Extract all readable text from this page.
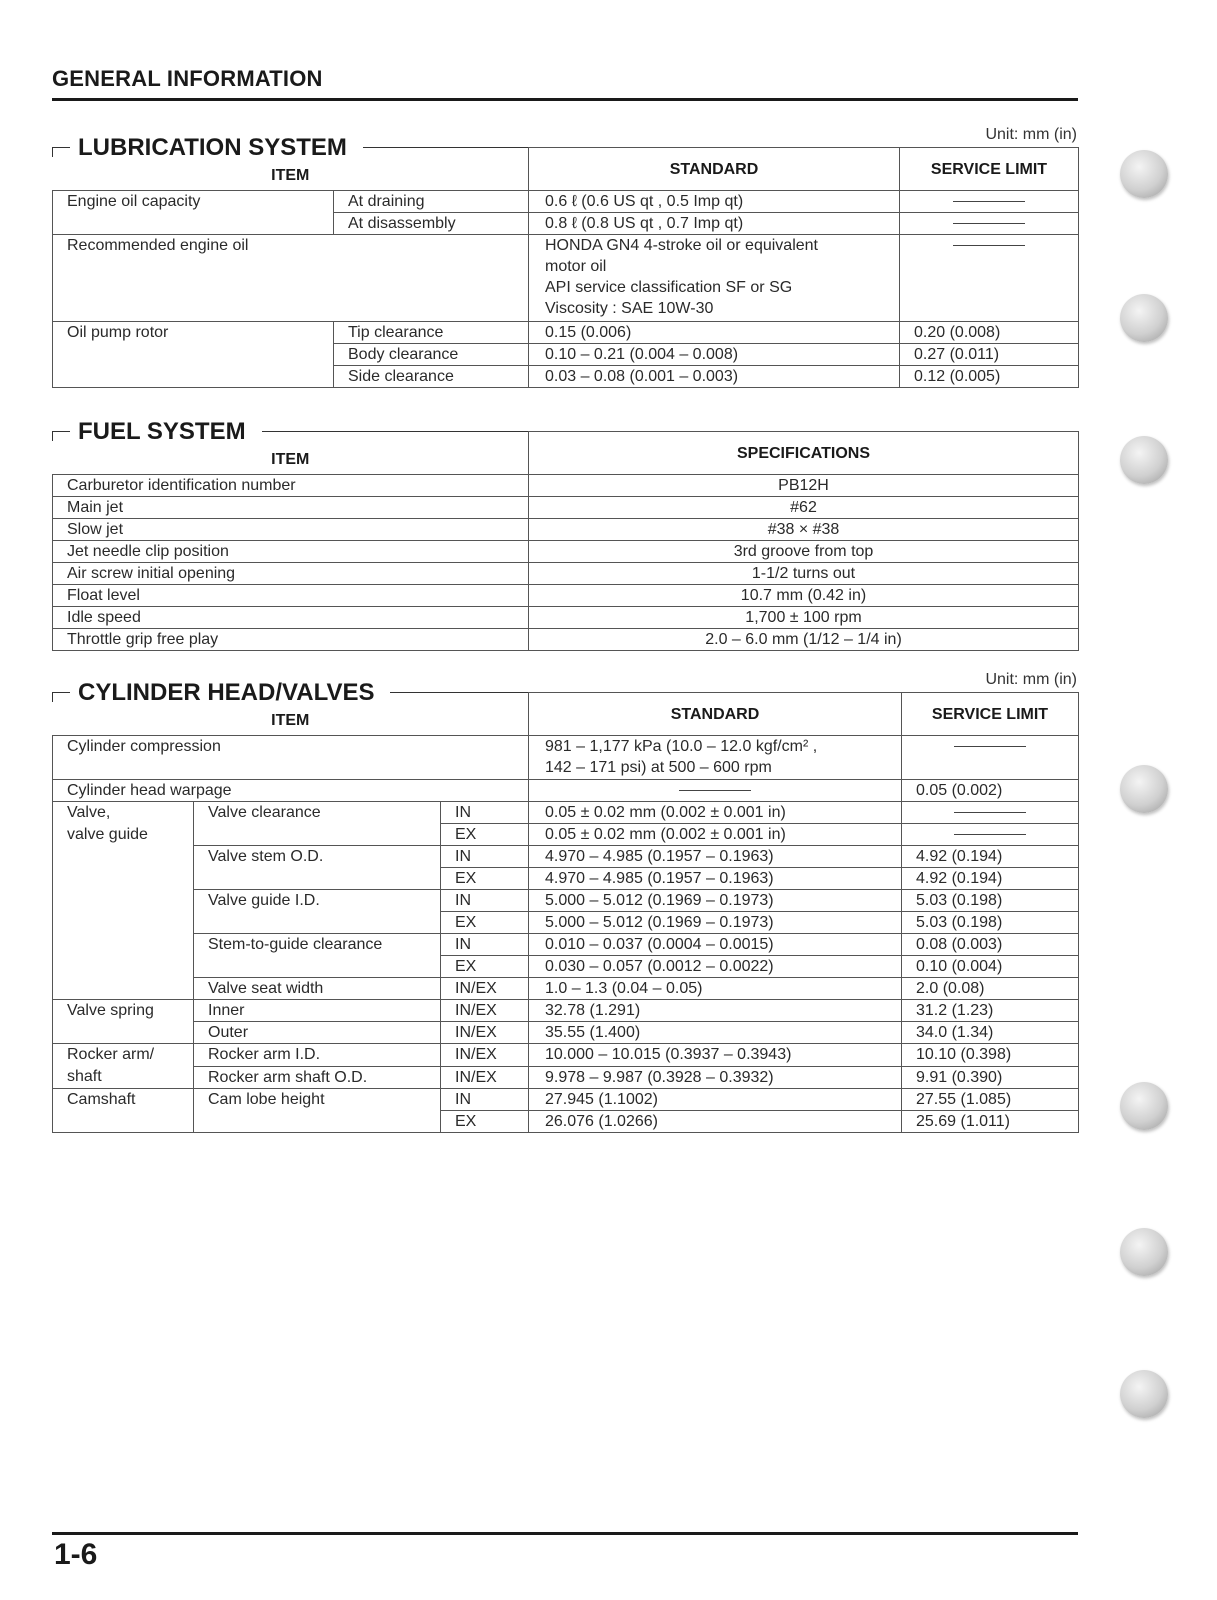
GENERAL INFORMATION
LUBRICATION SYSTEM	Unit: mm (in)
ITEM		STANDARD	SERVICE LIMIT
Engine oil capacity	At draining	0.6 ℓ (0.6 US qt , 0.5 Imp qt)	
	At disassembly	0.8 ℓ (0.8 US qt , 0.7 Imp qt)	
Recommended engine oil		HONDA GN4 4-stroke oil or equivalent
motor oil
API service classification SF or SG
Viscosity : SAE 10W-30	

Oil pump rotor	Tip clearance	0.15 (0.006)	0.20 (0.008)
	Body clearance	0.10 – 0.21 (0.004 – 0.008)	0.27 (0.011)
	Side clearance	0.03 – 0.08 (0.001 – 0.003)	0.12 (0.005)
FUEL SYSTEM
ITEM	SPECIFICATIONS
Carburetor identification number	PB12H
Main jet	#62
Slow jet	#38 × #38
Jet needle clip position	3rd groove from top
Air screw initial opening	1-1/2 turns out
Float level	10.7 mm (0.42 in)
Idle speed	1,700 ± 100 rpm
Throttle grip free play	2.0 – 6.0 mm (1/12 – 1/4 in)
CYLINDER HEAD/VALVES	Unit: mm (in)
ITEM			STANDARD	SERVICE LIMIT
Cylinder compression			981 – 1,177 kPa (10.0 – 12.0 kgf/cm² ,
142 – 171 psi) at 500 – 600 rpm	

Cylinder head warpage				0.05 (0.002)

Valve,
valve guide	Valve clearance	IN	0.05 ± 0.02 mm (0.002 ± 0.001 in)	
		EX	0.05 ± 0.02 mm (0.002 ± 0.001 in)	
	Valve stem O.D.	IN	4.970 – 4.985 (0.1957 – 0.1963)	4.92 (0.194)
		EX	4.970 – 4.985 (0.1957 – 0.1963)	4.92 (0.194)
	Valve guide I.D.	IN	5.000 – 5.012 (0.1969 – 0.1973)	5.03 (0.198)
		EX	5.000 – 5.012 (0.1969 – 0.1973)	5.03 (0.198)
	Stem-to-guide clearance	IN	0.010 – 0.037 (0.0004 – 0.0015)	0.08 (0.003)
		EX	0.030 – 0.057 (0.0012 – 0.0022)	0.10 (0.004)
	Valve seat width	IN/EX	1.0 – 1.3 (0.04 – 0.05)	2.0 (0.08)
Valve spring	Inner	IN/EX	32.78 (1.291)	31.2 (1.23)
	Outer	IN/EX	35.55 (1.400)	34.0 (1.34)

Rocker arm/
shaft	Rocker arm I.D.	IN/EX	10.000 – 10.015 (0.3937 – 0.3943)	10.10 (0.398)
	Rocker arm shaft O.D.	IN/EX	9.978 – 9.987 (0.3928 – 0.3932)	9.91 (0.390)
Camshaft	Cam lobe height	IN	27.945 (1.1002)	27.55 (1.085)
		EX	26.076 (1.0266)	25.69 (1.011)
1-6
